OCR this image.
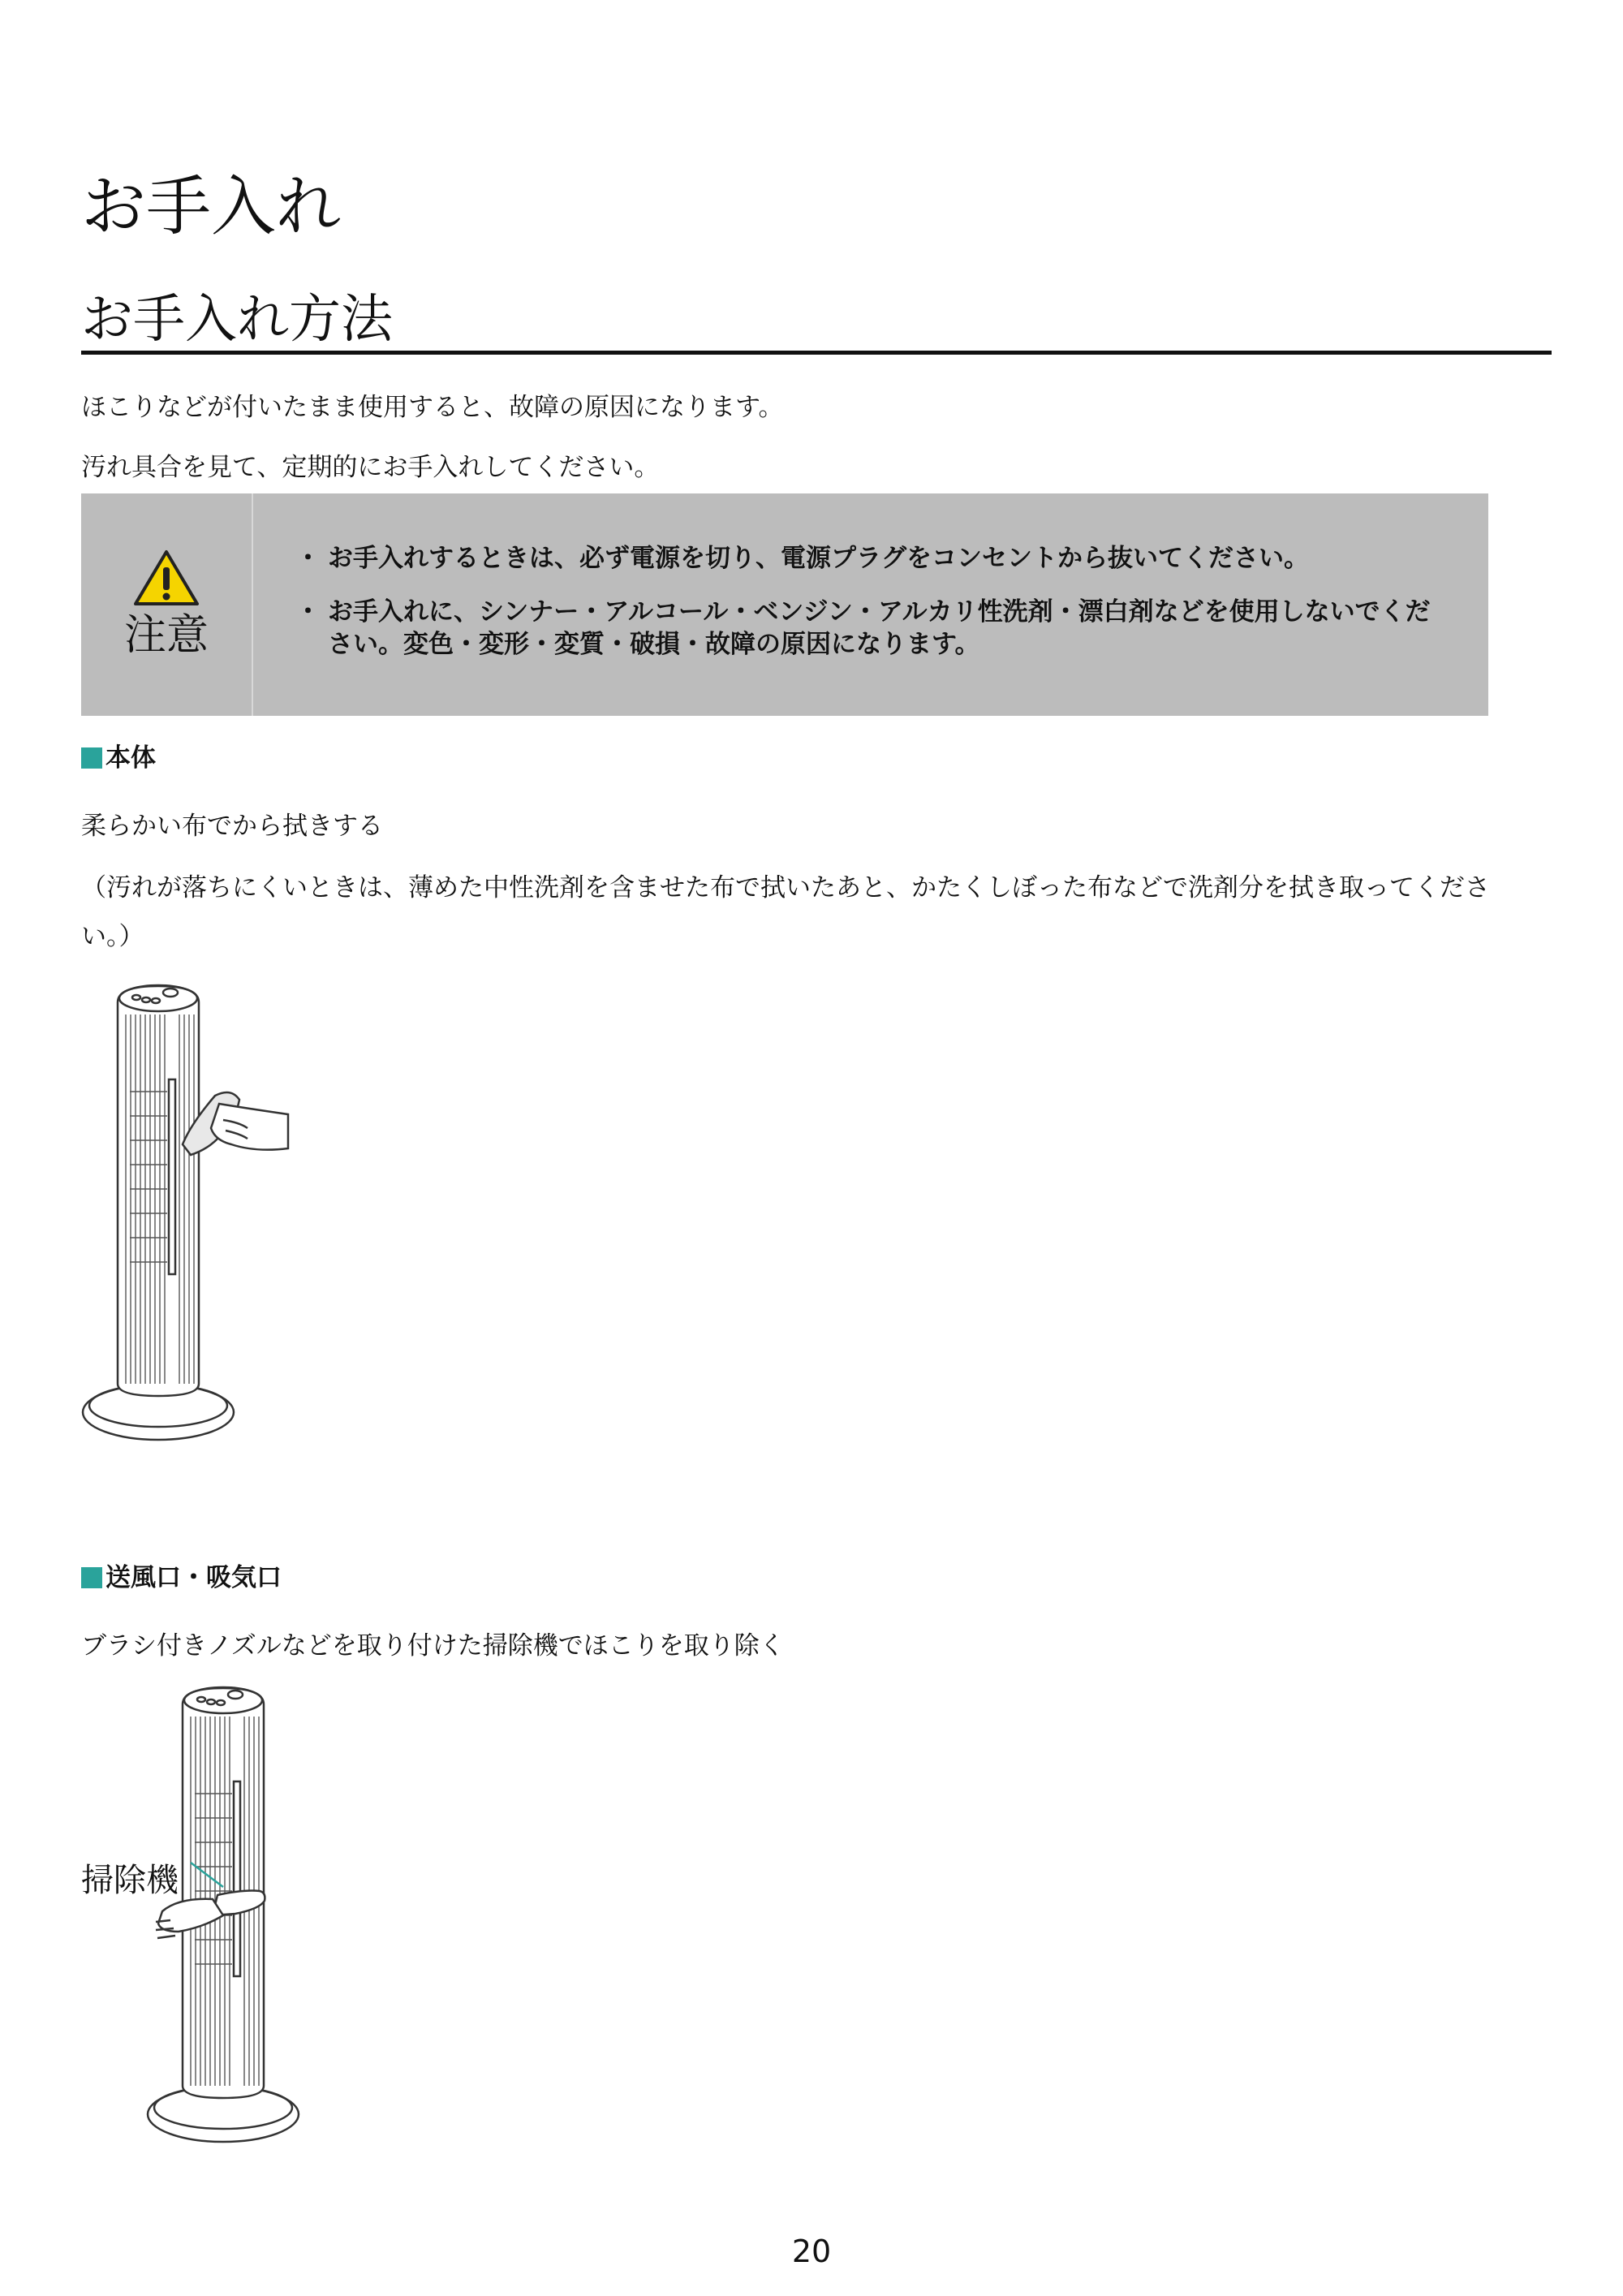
お手入れ
お手入れ方法
ほこりなどが付いたまま使用すると、故障の原因になります。
汚れ具合を見て、定期的にお手入れしてください。
注意
・ お手入れするときは、必ず電源を切り、電源プラグをコンセントから抜いてください。
・ お手入れに、シンナー・アルコール・ベンジン・アルカリ性洗剤・漂白剤などを使用しないでくだ
さい。変色・変形・変質・破損・故障の原因になります。
本体
柔らかい布でから拭きする
（汚れが落ちにくいときは、薄めた中性洗剤を含ませた布で拭いたあと、かたくしぼった布などで洗剤分を拭き取ってくださ
い。）
送風口・吸気口
ブラシ付きノズルなどを取り付けた掃除機でほこりを取り除く
掃除機
20
